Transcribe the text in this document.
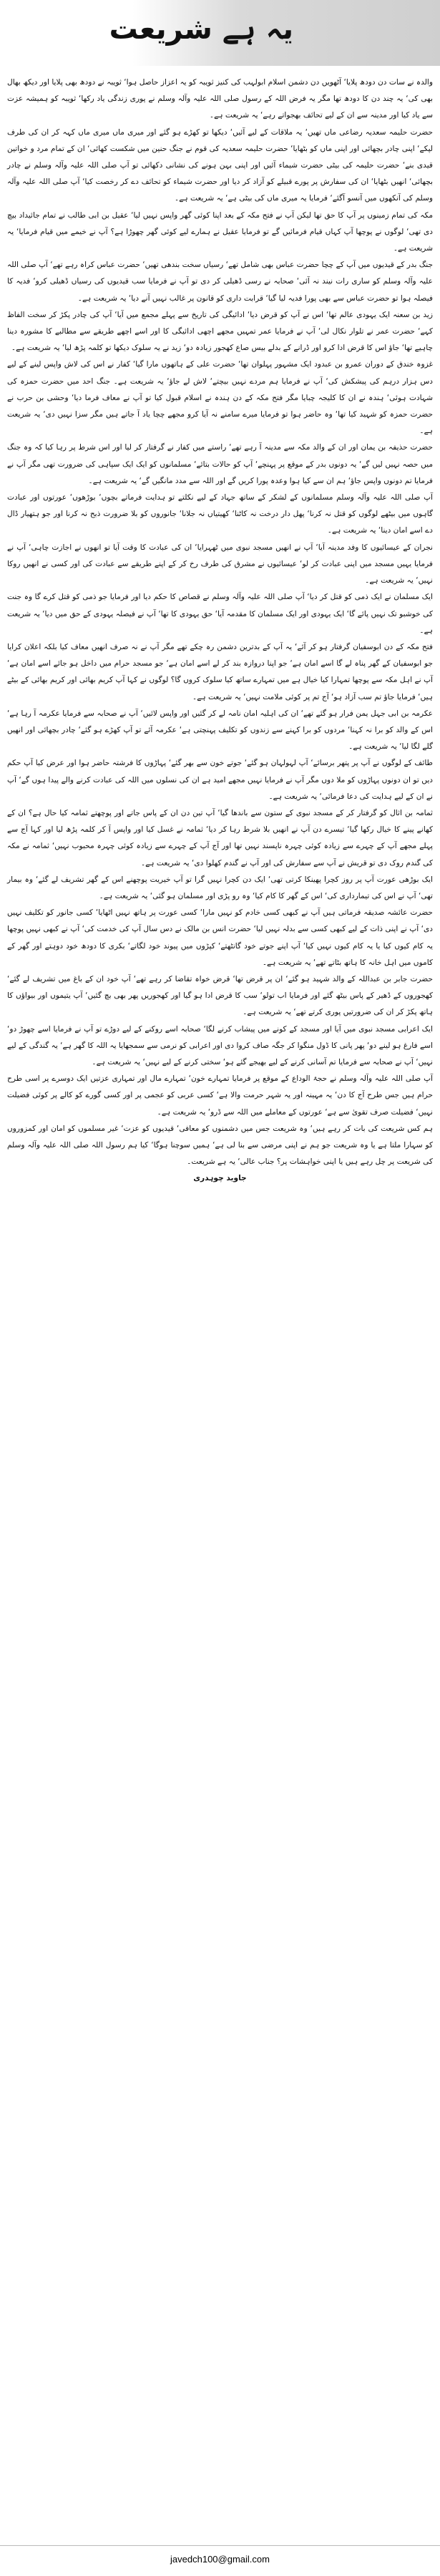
یہ ہے شریعت

والدہ نے سات دن دودھ پلایا‘ آٹھویں دن دشمن اسلام ابولہب کی کنیز ثویبہ کو یہ اعزاز حاصل ہوا‘ ثویبہ نے دودھ بھی پلایا اور دیکھ بھال بھی کی‘ یہ چند دن کا دودھ تھا مگر یہ فرض اللہ کے رسول صلی اللہ علیہ وآلہ وسلم نے پوری زندگی یاد رکھا‘ ثویبہ کو ہمیشہ عزت سے یاد کیا اور مدینہ سے ان کے لیے تحائف بھجواتے رہے‘ یہ شریعت ہے۔

حضرت حلیمہ سعدیہ رضاعی ماں تھیں‘ یہ ملاقات کے لیے آئیں‘ دیکھا تو کھڑے ہو گئے اور میری ماں میری ماں کہہ کر ان کی طرف لپکے‘ اپنی چادر بچھائی اور اپنی ماں کو بٹھایا‘ حضرت حلیمہ سعدیہ کی قوم نے جنگ حنین میں شکست کھائی‘ ان کے تمام مرد و خواتین قیدی بنے‘ حضرت حلیمہ کی بیٹی حضرت شیماء آئیں اور اپنی بہن ہونے کی نشانی دکھائی تو آپ صلی اللہ علیہ وآلہ وسلم نے چادر بچھائی‘ انھیں بٹھایا‘ ان کی سفارش پر پورے قبیلے کو آزاد کر دیا اور حضرت شیماء کو تحائف دے کر رخصت کیا‘ آپ صلی اللہ علیہ وآلہ وسلم کی آنکھوں میں آنسو آگئے‘ فرمایا یہ میری ماں کی بیٹی ہے‘ یہ شریعت ہے۔

مکہ کی تمام زمینوں پر آپ کا حق تھا لیکن آپ نے فتح مکہ کے بعد اپنا کوئی گھر واپس نہیں لیا‘ عقیل بن ابی طالب نے تمام جائیداد بیچ دی تھی‘ لوگوں نے پوچھا آپ کہاں قیام فرمائیں گے تو فرمایا عقیل نے ہمارے لیے کوئی گھر چھوڑا ہے؟ آپ نے خیمے میں قیام فرمایا‘ یہ شریعت ہے۔

جنگ بدر کے قیدیوں میں آپ کے چچا حضرت عباس بھی شامل تھے‘ رسیاں سخت بندھی تھیں‘ حضرت عباس کراہ رہے تھے‘ آپ صلی اللہ علیہ وآلہ وسلم کو ساری رات نیند نہ آئی‘ صحابہ نے رسی ڈھیلی کر دی تو آپ نے فرمایا سب قیدیوں کی رسیاں ڈھیلی کرو‘ فدیہ کا فیصلہ ہوا تو حضرت عباس سے بھی پورا فدیہ لیا گیا‘ قرابت داری کو قانون پر غالب نہیں آنے دیا‘ یہ شریعت ہے۔

زید بن سعنہ ایک یہودی عالم تھا‘ اس نے آپ کو قرض دیا‘ ادائیگی کی تاریخ سے پہلے مجمع میں آیا‘ آپ کی چادر پکڑ کر سخت الفاظ کہے‘ حضرت عمر نے تلوار نکال لی‘ آپ نے فرمایا عمر تمہیں مجھے اچھی ادائیگی کا اور اسے اچھے طریقے سے مطالبے کا مشورہ دینا چاہیے تھا‘ جاؤ اس کا قرض ادا کرو اور ڈرانے کے بدلے بیس صاع کھجور زیادہ دو‘ زید نے یہ سلوک دیکھا تو کلمہ پڑھ لیا‘ یہ شریعت ہے۔

غزوہ خندق کے دوران عمرو بن عبدود ایک مشہور پہلوان تھا‘ حضرت علی کے ہاتھوں مارا گیا‘ کفار نے اس کی لاش واپس لینے کے لیے دس ہزار درہم کی پیشکش کی‘ آپ نے فرمایا ہم مردے نہیں بیچتے‘ لاش لے جاؤ‘ یہ شریعت ہے۔ جنگ احد میں حضرت حمزہ کی شہادت ہوئی‘ ہندہ نے ان کا کلیجہ چبایا مگر فتح مکہ کے دن ہندہ نے اسلام قبول کیا تو آپ نے معاف فرما دیا‘ وحشی بن حرب نے حضرت حمزہ کو شہید کیا تھا‘ وہ حاضر ہوا تو فرمایا میرے سامنے نہ آیا کرو مجھے چچا یاد آ جاتے ہیں مگر سزا نہیں دی‘ یہ شریعت ہے۔

حضرت حذیفہ بن یمان اور ان کے والد مکہ سے مدینہ آ رہے تھے‘ راستے میں کفار نے گرفتار کر لیا اور اس شرط پر رہا کیا کہ وہ جنگ میں حصہ نہیں لیں گے‘ یہ دونوں بدر کے موقع پر پہنچے‘ آپ کو حالات بتائے‘ مسلمانوں کو ایک ایک سپاہی کی ضرورت تھی مگر آپ نے فرمایا تم دونوں واپس جاؤ‘ ہم ان سے کیا ہوا وعدہ پورا کریں گے اور اللہ سے مدد مانگیں گے‘ یہ شریعت ہے۔

آپ صلی اللہ علیہ وآلہ وسلم مسلمانوں کے لشکر کے ساتھ جہاد کے لیے نکلتے تو ہدایت فرماتے بچوں‘ بوڑھوں‘ عورتوں اور عبادت گاہوں میں بیٹھے لوگوں کو قتل نہ کرنا‘ پھل دار درخت نہ کاٹنا‘ کھیتیاں نہ جلانا‘ جانوروں کو بلا ضرورت ذبح نہ کرنا اور جو ہتھیار ڈال دے اسے امان دینا‘ یہ شریعت ہے۔

نجران کے عیسائیوں کا وفد مدینہ آیا‘ آپ نے انھیں مسجد نبوی میں ٹھہرایا‘ ان کی عبادت کا وقت آیا تو انھوں نے اجازت چاہی‘ آپ نے فرمایا یہیں مسجد میں اپنی عبادت کر لو‘ عیسائیوں نے مشرق کی طرف رخ کر کے اپنے طریقے سے عبادت کی اور کسی نے انھیں روکا نہیں‘ یہ شریعت ہے۔

ایک مسلمان نے ایک ذمی کو قتل کر دیا‘ آپ صلی اللہ علیہ وآلہ وسلم نے قصاص کا حکم دیا اور فرمایا جو ذمی کو قتل کرے گا وہ جنت کی خوشبو تک نہیں پائے گا‘ ایک یہودی اور ایک مسلمان کا مقدمہ آیا‘ حق یہودی کا تھا‘ آپ نے فیصلہ یہودی کے حق میں دیا‘ یہ شریعت ہے۔

فتح مکہ کے دن ابوسفیان گرفتار ہو کر آئے‘ یہ آپ کے بدترین دشمن رہ چکے تھے مگر آپ نے نہ صرف انھیں معاف کیا بلکہ اعلان کرایا جو ابوسفیان کے گھر پناہ لے گا اسے امان ہے‘ جو اپنا دروازہ بند کر لے اسے امان ہے‘ جو مسجد حرام میں داخل ہو جائے اسے امان ہے‘ آپ نے اہل مکہ سے پوچھا تمہارا کیا خیال ہے میں تمہارے ساتھ کیا سلوک کروں گا؟ لوگوں نے کہا آپ کریم بھائی اور کریم بھائی کے بیٹے ہیں‘ فرمایا جاؤ تم سب آزاد ہو‘ آج تم پر کوئی ملامت نہیں‘ یہ شریعت ہے۔

عکرمہ بن ابی جہل یمن فرار ہو گئے تھے‘ ان کی اہلیہ امان نامہ لے کر گئیں اور واپس لائیں‘ آپ نے صحابہ سے فرمایا عکرمہ آ رہا ہے‘ اس کے والد کو برا نہ کہنا‘ مردوں کو برا کہنے سے زندوں کو تکلیف پہنچتی ہے‘ عکرمہ آئے تو آپ کھڑے ہو گئے‘ چادر بچھائی اور انھیں گلے لگا لیا‘ یہ شریعت ہے۔

طائف کے لوگوں نے آپ پر پتھر برسائے‘ آپ لہولہان ہو گئے‘ جوتے خون سے بھر گئے‘ پہاڑوں کا فرشتہ حاضر ہوا اور عرض کیا آپ حکم دیں تو ان دونوں پہاڑوں کو ملا دوں مگر آپ نے فرمایا نہیں مجھے امید ہے ان کی نسلوں میں اللہ کی عبادت کرنے والے پیدا ہوں گے‘ آپ نے ان کے لیے ہدایت کی دعا فرمائی‘ یہ شریعت ہے۔

ثمامہ بن اثال کو گرفتار کر کے مسجد نبوی کے ستون سے باندھا گیا‘ آپ تین دن ان کے پاس جاتے اور پوچھتے ثمامہ کیا حال ہے؟ ان کے کھانے پینے کا خیال رکھا گیا‘ تیسرے دن آپ نے انھیں بلا شرط رہا کر دیا‘ ثمامہ نے غسل کیا اور واپس آ کر کلمہ پڑھ لیا اور کہا آج سے پہلے مجھے آپ کے چہرے سے زیادہ کوئی چہرہ ناپسند نہیں تھا اور آج آپ کے چہرے سے زیادہ کوئی چہرہ محبوب نہیں‘ ثمامہ نے مکہ کی گندم روک دی تو قریش نے آپ سے سفارش کی اور آپ نے گندم کھلوا دی‘ یہ شریعت ہے۔

ایک بوڑھی عورت آپ پر روز کچرا پھینکا کرتی تھی‘ ایک دن کچرا نہیں گرا تو آپ خیریت پوچھنے اس کے گھر تشریف لے گئے‘ وہ بیمار تھی‘ آپ نے اس کی تیمارداری کی‘ اس کے گھر کا کام کیا‘ وہ رو پڑی اور مسلمان ہو گئی‘ یہ شریعت ہے۔

حضرت عائشہ صدیقہ فرماتی ہیں آپ نے کبھی کسی خادم کو نہیں مارا‘ کسی عورت پر ہاتھ نہیں اٹھایا‘ کسی جانور کو تکلیف نہیں دی‘ آپ نے اپنی ذات کے لیے کبھی کسی سے بدلہ نہیں لیا‘ حضرت انس بن مالک نے دس سال آپ کی خدمت کی‘ آپ نے کبھی نہیں پوچھا یہ کام کیوں کیا یا یہ کام کیوں نہیں کیا‘ آپ اپنے جوتے خود گانٹھتے‘ کپڑوں میں پیوند خود لگاتے‘ بکری کا دودھ خود دوہتے اور گھر کے کاموں میں اہل خانہ کا ہاتھ بٹاتے تھے‘ یہ شریعت ہے۔

حضرت جابر بن عبداللہ کے والد شہید ہو گئے‘ ان پر قرض تھا‘ قرض خواہ تقاضا کر رہے تھے‘ آپ خود ان کے باغ میں تشریف لے گئے‘ کھجوروں کے ڈھیر کے پاس بیٹھ گئے اور فرمایا اب تولو‘ سب کا قرض ادا ہو گیا اور کھجوریں پھر بھی بچ گئیں‘ آپ یتیموں اور بیواؤں کا ہاتھ پکڑ کر ان کی ضرورتیں پوری کرتے تھے‘ یہ شریعت ہے۔

ایک اعرابی مسجد نبوی میں آیا اور مسجد کے کونے میں پیشاب کرنے لگا‘ صحابہ اسے روکنے کے لیے دوڑے تو آپ نے فرمایا اسے چھوڑ دو‘ اسے فارغ ہو لینے دو‘ پھر پانی کا ڈول منگوا کر جگہ صاف کروا دی اور اعرابی کو نرمی سے سمجھایا یہ اللہ کا گھر ہے‘ یہ گندگی کے لیے نہیں‘ آپ نے صحابہ سے فرمایا تم آسانی کرنے کے لیے بھیجے گئے ہو‘ سختی کرنے کے لیے نہیں‘ یہ شریعت ہے۔

آپ صلی اللہ علیہ وآلہ وسلم نے حجۃ الوداع کے موقع پر فرمایا تمہارے خون‘ تمہارے مال اور تمہاری عزتیں ایک دوسرے پر اسی طرح حرام ہیں جس طرح آج کا دن‘ یہ مہینہ اور یہ شہر حرمت والا ہے‘ کسی عربی کو عجمی پر اور کسی گورے کو کالے پر کوئی فضیلت نہیں‘ فضیلت صرف تقویٰ سے ہے‘ عورتوں کے معاملے میں اللہ سے ڈرو‘ یہ شریعت ہے۔

ہم کس شریعت کی بات کر رہے ہیں‘ وہ شریعت جس میں دشمنوں کو معافی‘ قیدیوں کو عزت‘ غیر مسلموں کو امان اور کمزوروں کو سہارا ملتا ہے یا وہ شریعت جو ہم نے اپنی مرضی سے بنا لی ہے‘ ہمیں سوچنا ہوگا‘ کیا ہم رسول اللہ صلی اللہ علیہ وآلہ وسلم کی شریعت پر چل رہے ہیں یا اپنی خواہشات پر؟ جناب عالی‘ یہ ہے شریعت۔

جاوید چوہدری

javedch100@gmail.com
